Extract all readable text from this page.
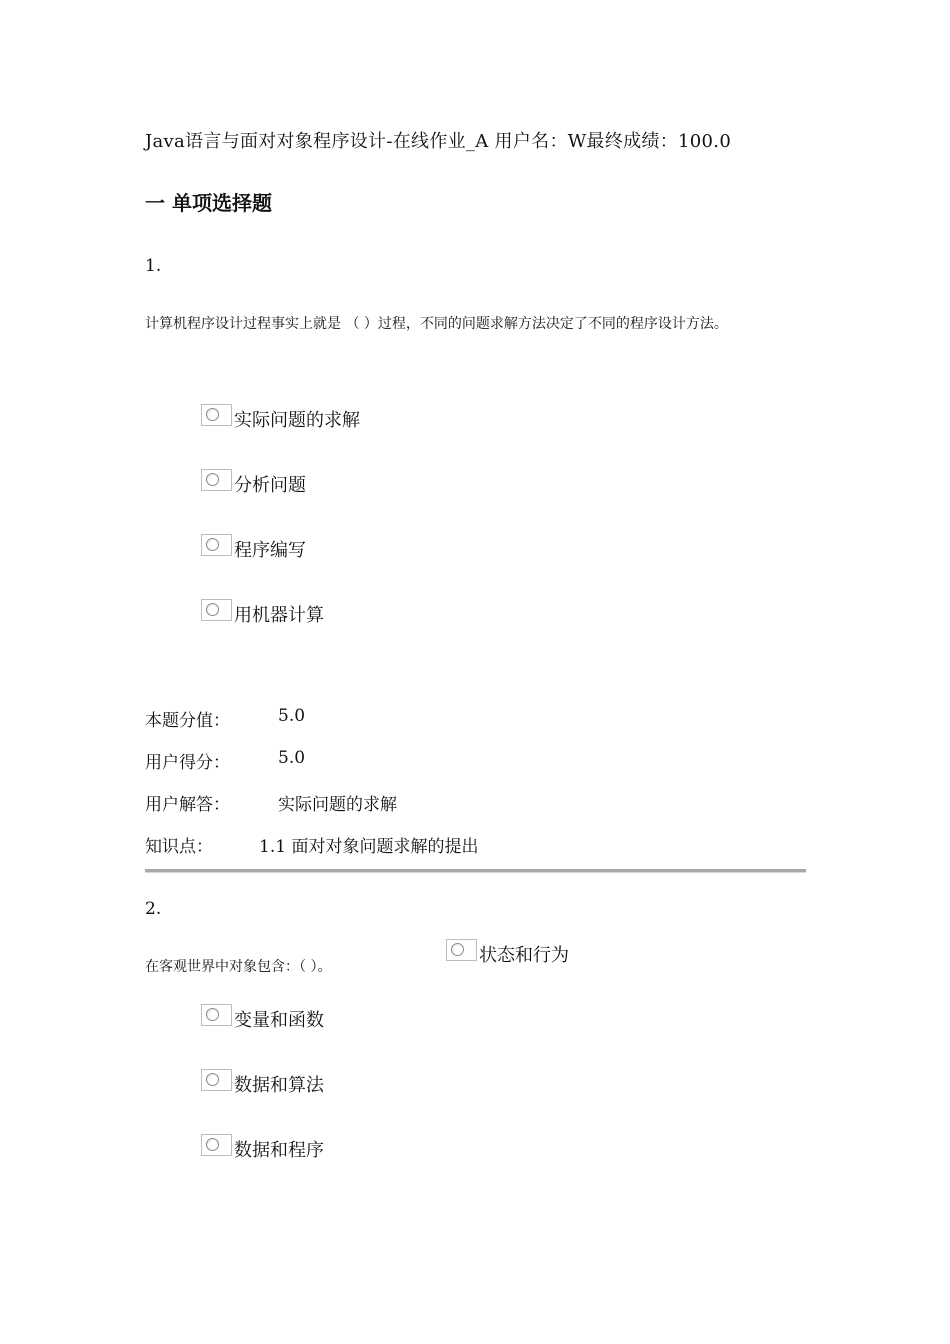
Java语言与面对对象程序设计-在线作业_A 用户名：W最终成绩：100.0
一 单项选择题
1.
计算机程序设计过程事实上就是 （ ）过程，不同的问题求解方法决定了不同的程序设计方法。
实际问题的求解
分析问题
程序编写
用机器计算
本题分值：	5.0
用户得分：	5.0
用户解答：	实际问题的求解
知识点：	1.1 面对对象问题求解的提出
2.
在客观世界中对象包含：（ ）。
状态和行为
变量和函数
数据和算法
数据和程序
